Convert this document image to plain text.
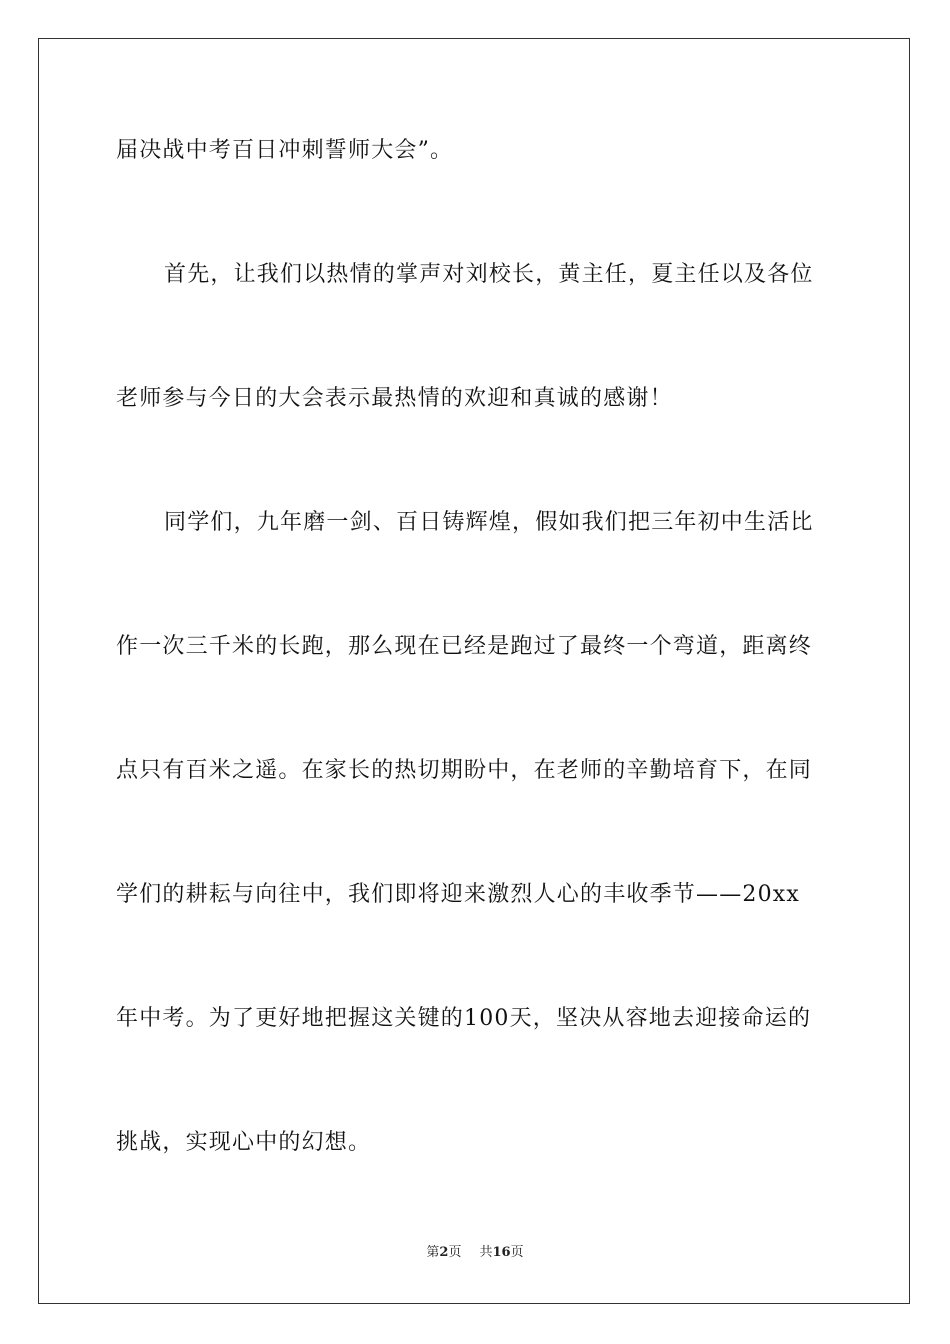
届决战中考百日冲刺誓师大会”。
首先，让我们以热情的掌声对刘校长，黄主任，夏主任以及各位
老师参与今日的大会表示最热情的欢迎和真诚的感谢！
同学们，九年磨一剑、百日铸辉煌，假如我们把三年初中生活比
作一次三千米的长跑，那么现在已经是跑过了最终一个弯道，距离终
点只有百米之遥。在家长的热切期盼中，在老师的辛勤培育下，在同
学们的耕耘与向往中，我们即将迎来激烈人心的丰收季节——20xx
年中考。为了更好地把握这关键的100天，坚决从容地去迎接命运的
挑战，实现心中的幻想。
第2页 共16页
